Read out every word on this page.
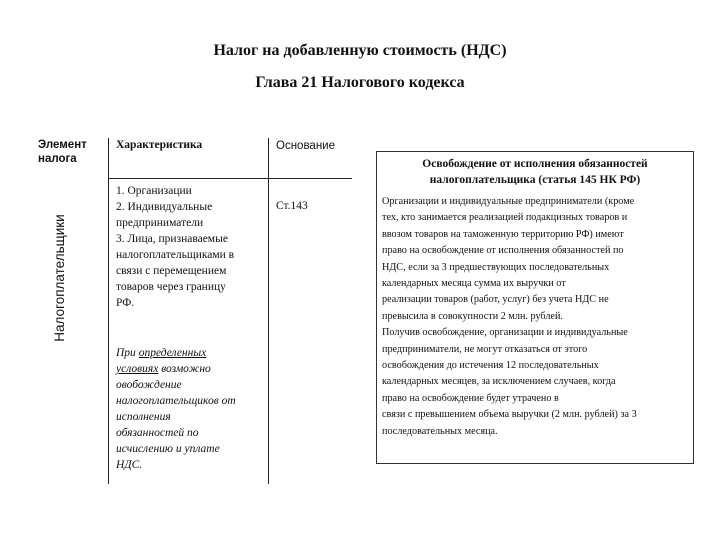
Налог на добавленную стоимость (НДС)
Глава 21 Налогового кодекса
Элемент
налога
Характеристика	Основание
Налогоплательщики
1. Организации
2. Индивидуальные
предприниматели
3. Лица, признаваемые
налогоплательщиками в
связи с перемещением
товаров через границу
РФ.
Ст.143
При определенных
условиях возможно
овобождение
налогоплательщиков от
исполнения
обязанностей по
исчислению и уплате
НДС.
Освобождение от исполнения обязанностей
налогоплательщика (статья 145 НК РФ)
Организации и индивидуальные предприниматели (кроме
тех, кто занимается реализацией подакцизных товаров и
ввозом товаров на таможенную территорию РФ) имеют
право на освобождение от исполнения обязанностей по
НДС, если за 3 предшествующих последовательных
календарных месяца сумма их выручки от
реализации товаров (работ, услуг) без учета НДС не
превысила в совокупности 2 млн. рублей.
Получив освобождение, организации и индивидуальные
предприниматели, не могут отказаться от этого
освобождения до истечения 12 последовательных
календарных месяцев, за исключением случаев, когда
право на освобождение будет утрачено в
связи с превышением объема выручки (2 млн. рублей) за 3
последовательных месяца.
